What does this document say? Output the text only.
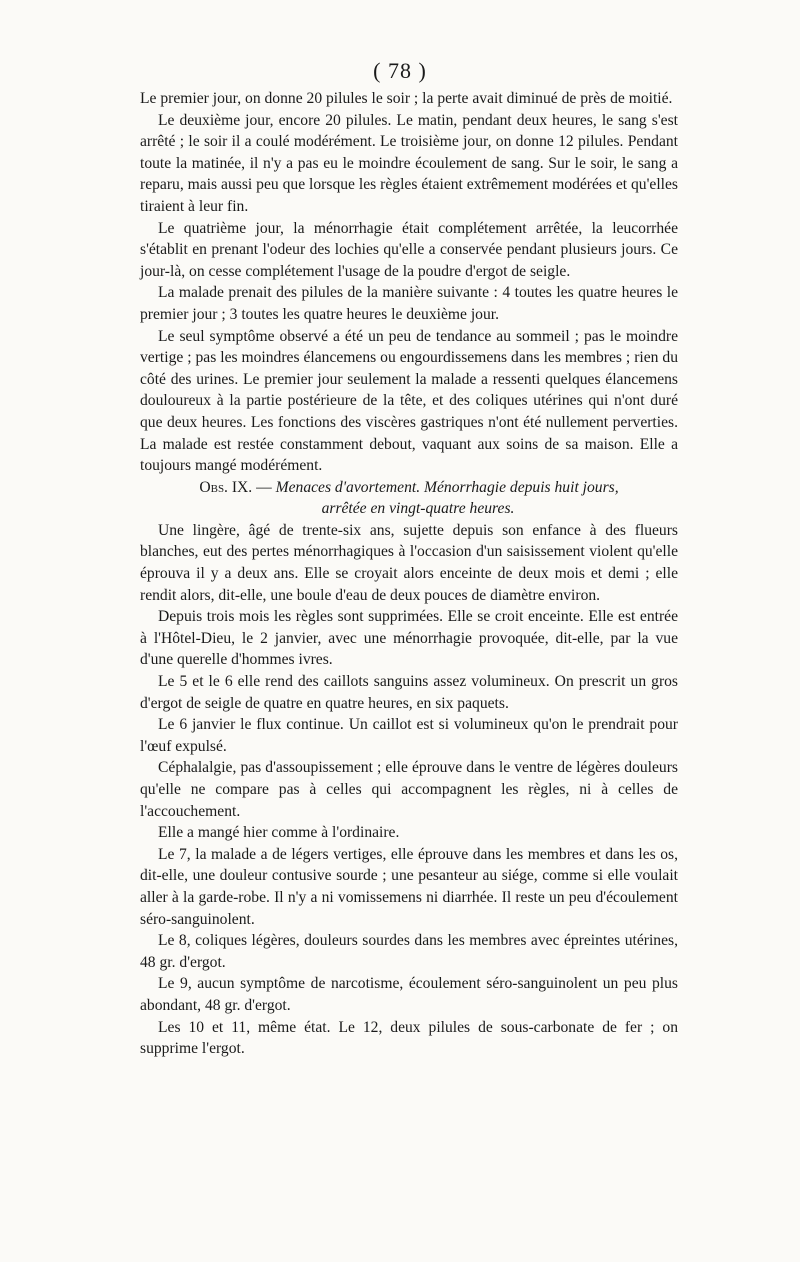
( 78 )

Le premier jour, on donne 20 pilules le soir ; la perte avait diminué de près de moitié.

Le deuxième jour, encore 20 pilules. Le matin, pendant deux heures, le sang s'est arrêté ; le soir il a coulé modérément. Le troisième jour, on donne 12 pilules. Pendant toute la matinée, il n'y a pas eu le moindre écoulement de sang. Sur le soir, le sang a reparu, mais aussi peu que lorsque les règles étaient extrêmement modérées et qu'elles tiraient à leur fin.

Le quatrième jour, la ménorrhagie était complétement arrêtée, la leucorrhée s'établit en prenant l'odeur des lochies qu'elle a conservée pendant plusieurs jours. Ce jour-là, on cesse complétement l'usage de la poudre d'ergot de seigle.

La malade prenait des pilules de la manière suivante : 4 toutes les quatre heures le premier jour ; 3 toutes les quatre heures le deuxième jour.

Le seul symptôme observé a été un peu de tendance au sommeil ; pas le moindre vertige ; pas les moindres élancemens ou engourdissemens dans les membres ; rien du côté des urines. Le premier jour seulement la malade a ressenti quelques élancemens douloureux à la partie postérieure de la tête, et des coliques utérines qui n'ont duré que deux heures. Les fonctions des viscères gastriques n'ont été nullement perverties. La malade est restée constamment debout, vaquant aux soins de sa maison. Elle a toujours mangé modérément.

Obs. IX. — Menaces d'avortement. Ménorrhagie depuis huit jours,

arrêtée en vingt-quatre heures.

Une lingère, âgé de trente-six ans, sujette depuis son enfance à des flueurs blanches, eut des pertes ménorrhagiques à l'occasion d'un saisissement violent qu'elle éprouva il y a deux ans. Elle se croyait alors enceinte de deux mois et demi ; elle rendit alors, dit-elle, une boule d'eau de deux pouces de diamètre environ.

Depuis trois mois les règles sont supprimées. Elle se croit enceinte. Elle est entrée à l'Hôtel-Dieu, le 2 janvier, avec une ménorrhagie provoquée, dit-elle, par la vue d'une querelle d'hommes ivres.

Le 5 et le 6 elle rend des caillots sanguins assez volumineux. On prescrit un gros d'ergot de seigle de quatre en quatre heures, en six paquets.

Le 6 janvier le flux continue. Un caillot est si volumineux qu'on le prendrait pour l'œuf expulsé.

Céphalalgie, pas d'assoupissement ; elle éprouve dans le ventre de légères douleurs qu'elle ne compare pas à celles qui accompagnent les règles, ni à celles de l'accouchement.

Elle a mangé hier comme à l'ordinaire.

Le 7, la malade a de légers vertiges, elle éprouve dans les membres et dans les os, dit-elle, une douleur contusive sourde ; une pesanteur au siége, comme si elle voulait aller à la garde-robe. Il n'y a ni vomissemens ni diarrhée. Il reste un peu d'écoulement séro-sanguinolent.

Le 8, coliques légères, douleurs sourdes dans les membres avec épreintes utérines, 48 gr. d'ergot.

Le 9, aucun symptôme de narcotisme, écoulement séro-sanguinolent un peu plus abondant, 48 gr. d'ergot.

Les 10 et 11, même état. Le 12, deux pilules de sous-carbonate de fer ; on supprime l'ergot.
